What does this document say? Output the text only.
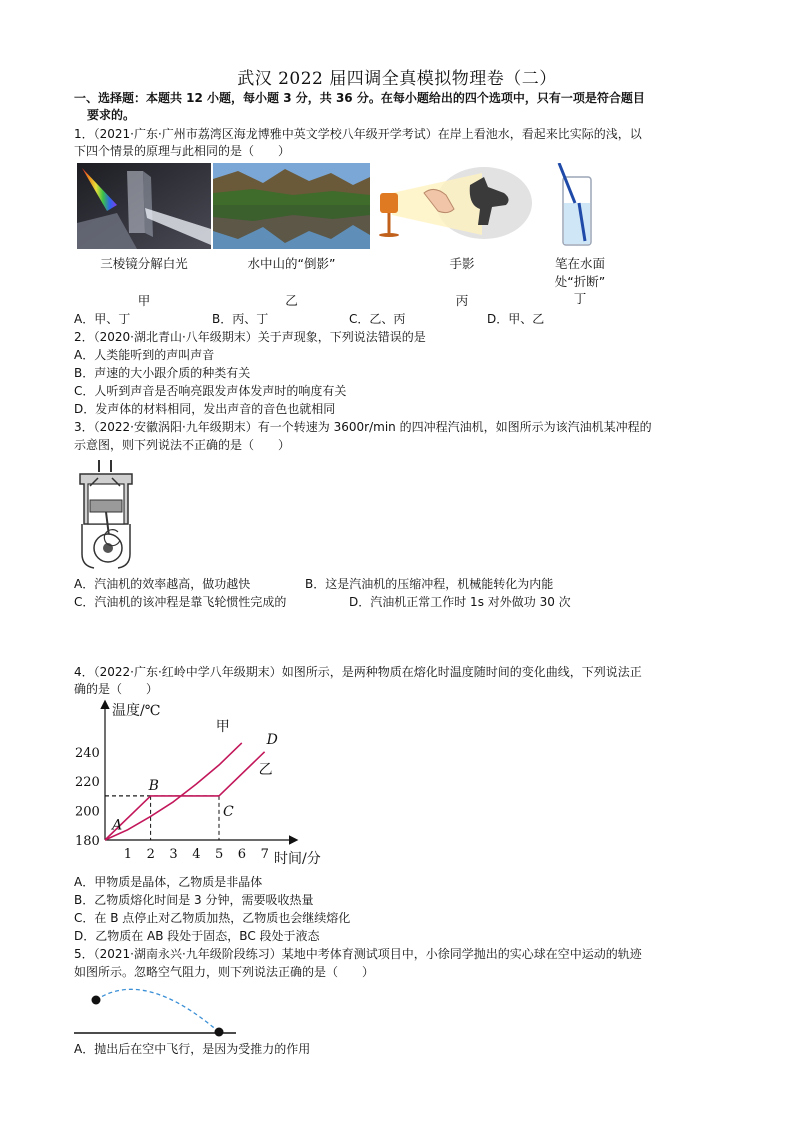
武汉 2022 届四调全真模拟物理卷（二）
一、选择题：本题共 12 小题，每小题 3 分，共 36 分。在每小题给出的四个选项中，只有一项是符合题目
要求的。
1．（2021·广东·广州市荔湾区海龙博雅中英文学校八年级开学考试）在岸上看池水，看起来比实际的浅，以
下四个情景的原理与此相同的是（　　）
三棱镜分解白光	水中山的“倒影”	手影	笔在水面
处“折断”
甲	乙	丙	丁
A．甲、丁	B．丙、丁	C．乙、丙	D．甲、乙
2．（2020·湖北青山·八年级期末）关于声现象，下列说法错误的是
A．人类能听到的声叫声音
B．声速的大小跟介质的种类有关
C．人听到声音是否响亮跟发声体发声时的响度有关
D．发声体的材料相同，发出声音的音色也就相同
3．（2022·安徽涡阳·九年级期末）有一个转速为 3600r/min 的四冲程汽油机，如图所示为该汽油机某冲程的
示意图，则下列说法不正确的是（　　）
A．汽油机的效率越高，做功越快	B．这是汽油机的压缩冲程，机械能转化为内能
C．汽油机的该冲程是靠飞轮惯性完成的	D．汽油机正常工作时 1s 对外做功 30 次
4．（2022·广东·红岭中学八年级期末）如图所示，是两种物质在熔化时温度随时间的变化曲线，下列说法正
确的是（　　）
温度/℃
时间/分
1 2 3 4 5 6 7
180
200
220
240
甲
乙
A
B
C
D
A．甲物质是晶体，乙物质是非晶体
B．乙物质熔化时间是 3 分钟，需要吸收热量
C．在 B 点停止对乙物质加热，乙物质也会继续熔化
D．乙物质在 AB 段处于固态，BC 段处于液态
5．（2021·湖南永兴·九年级阶段练习）某地中考体育测试项目中，小徐同学抛出的实心球在空中运动的轨迹
如图所示。忽略空气阻力，则下列说法正确的是（　　）
A．抛出后在空中飞行，是因为受推力的作用
